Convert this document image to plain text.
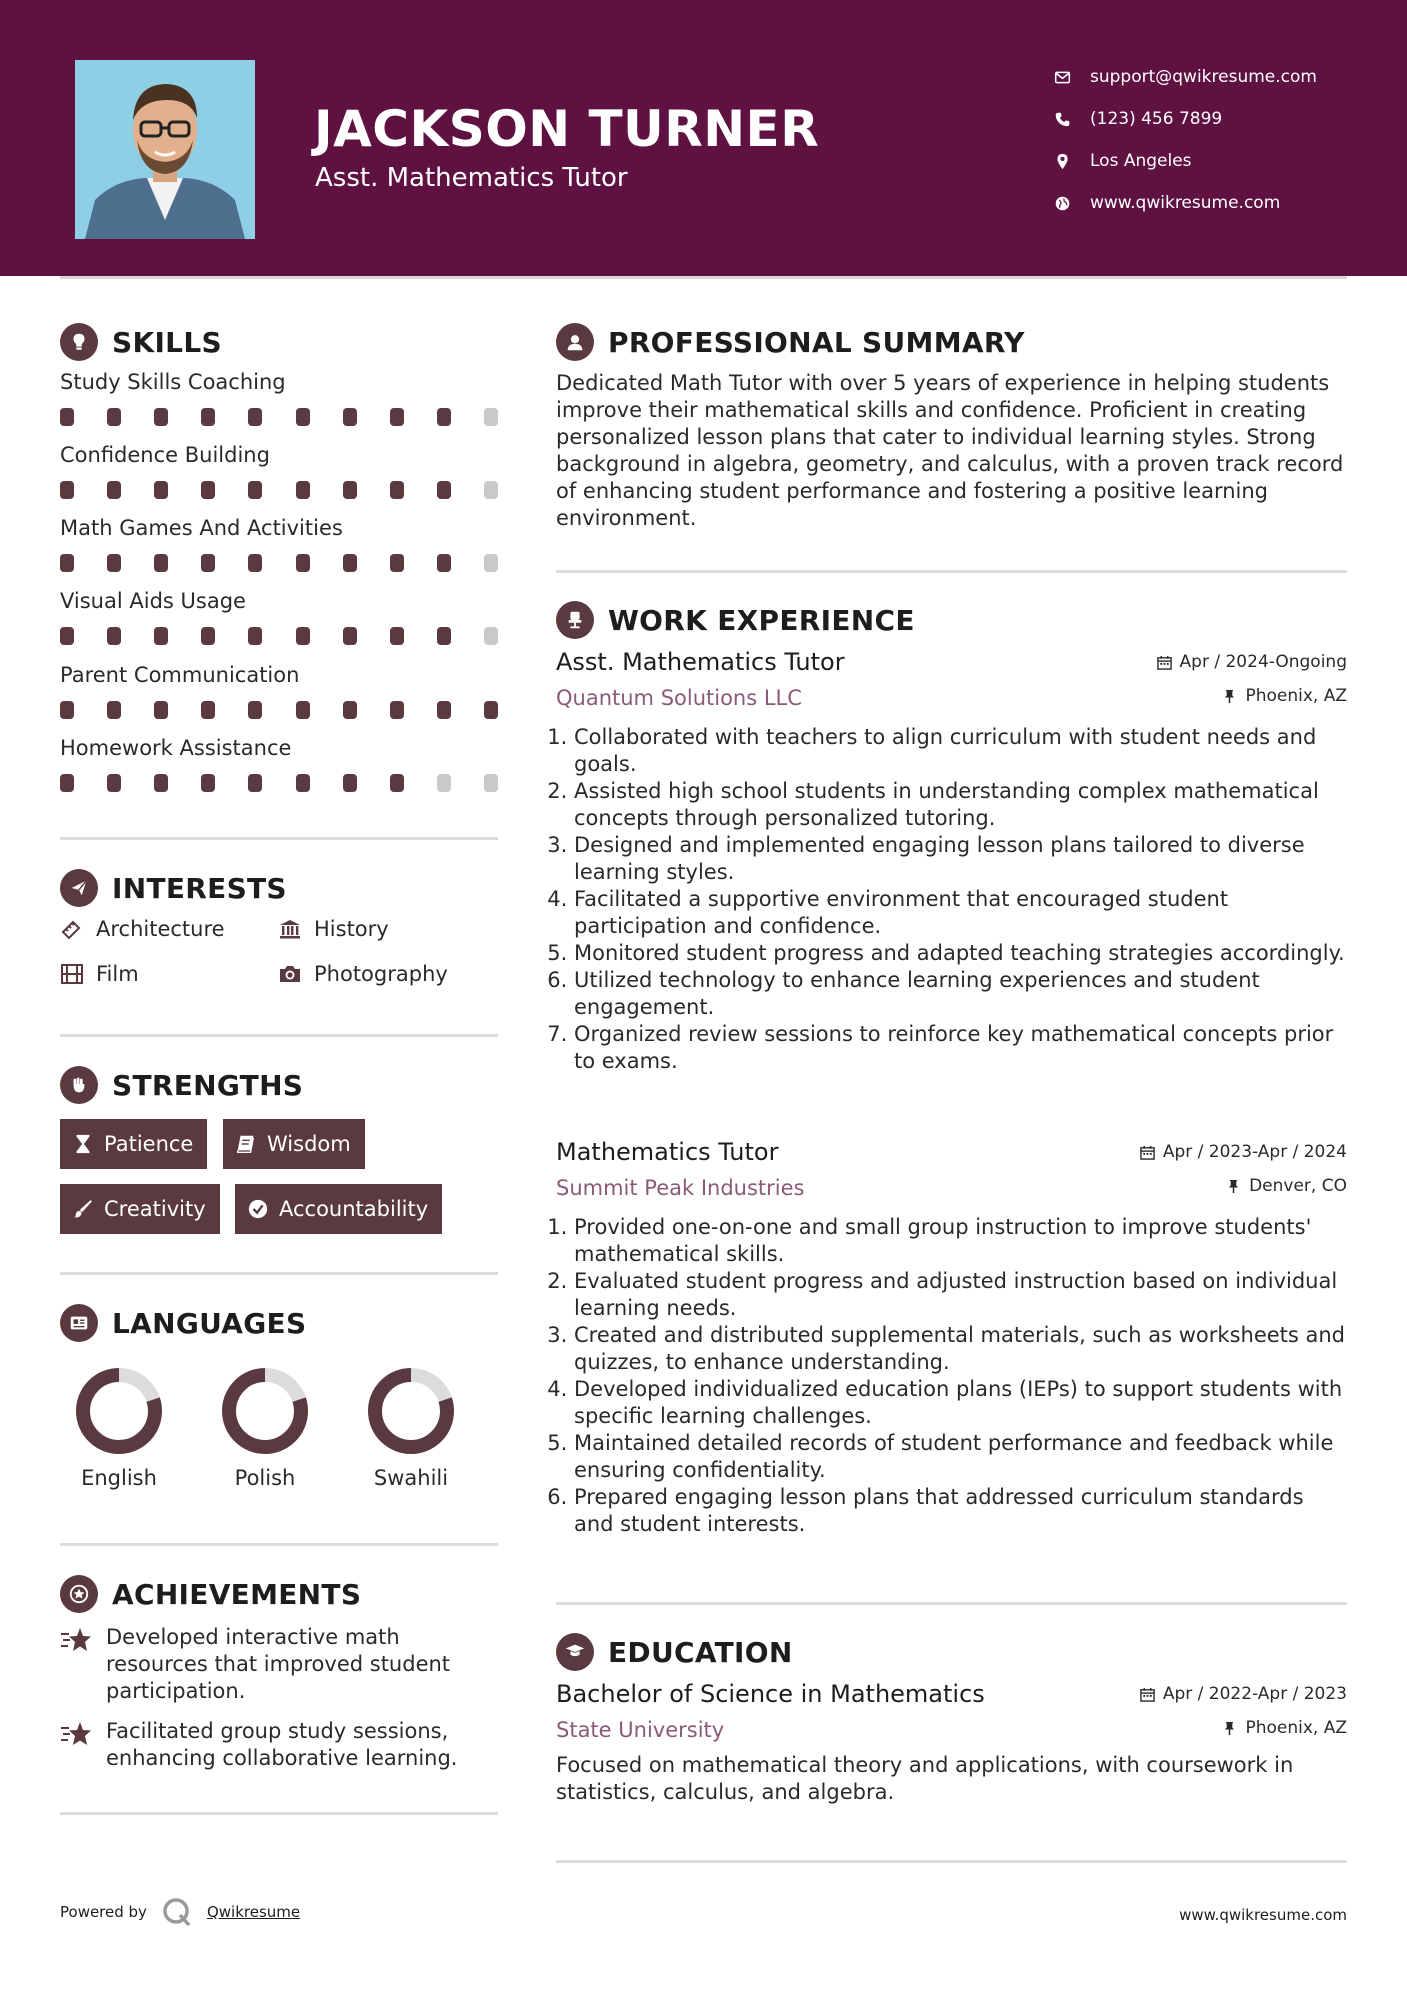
JACKSON TURNER
Asst. Mathematics Tutor
support@qwikresume.com
(123) 456 7899
Los Angeles
www.qwikresume.com
SKILLS
Study Skills Coaching
Confidence Building
Math Games And Activities
Visual Aids Usage
Parent Communication
Homework Assistance
INTERESTS
Architecture	History
Film	Photography
STRENGTHS
Patience	Wisdom
Creativity	Accountability
LANGUAGES
English	Polish	Swahili
ACHIEVEMENTS
Developed interactive math resources that improved student participation.
Facilitated group study sessions, enhancing collaborative learning.
PROFESSIONAL SUMMARY
Dedicated Math Tutor with over 5 years of experience in helping students improve their mathematical skills and confidence. Proficient in creating personalized lesson plans that cater to individual learning styles. Strong background in algebra, geometry, and calculus, with a proven track record of enhancing student performance and fostering a positive learning environment.
WORK EXPERIENCE
Asst. Mathematics Tutor
Quantum Solutions LLC
Apr / 2024-Ongoing
Phoenix, AZ
1. Collaborated with teachers to align curriculum with student needs and goals.
2. Assisted high school students in understanding complex mathematical concepts through personalized tutoring.
3. Designed and implemented engaging lesson plans tailored to diverse learning styles.
4. Facilitated a supportive environment that encouraged student participation and confidence.
5. Monitored student progress and adapted teaching strategies accordingly.
6. Utilized technology to enhance learning experiences and student engagement.
7. Organized review sessions to reinforce key mathematical concepts prior to exams.
Mathematics Tutor
Summit Peak Industries
Apr / 2023-Apr / 2024
Denver, CO
1. Provided one-on-one and small group instruction to improve students' mathematical skills.
2. Evaluated student progress and adjusted instruction based on individual learning needs.
3. Created and distributed supplemental materials, such as worksheets and quizzes, to enhance understanding.
4. Developed individualized education plans (IEPs) to support students with specific learning challenges.
5. Maintained detailed records of student performance and feedback while ensuring confidentiality.
6. Prepared engaging lesson plans that addressed curriculum standards and student interests.
EDUCATION
Bachelor of Science in Mathematics
State University
Apr / 2022-Apr / 2023
Phoenix, AZ
Focused on mathematical theory and applications, with coursework in statistics, calculus, and algebra.
Powered by	Qwikresume	www.qwikresume.com
